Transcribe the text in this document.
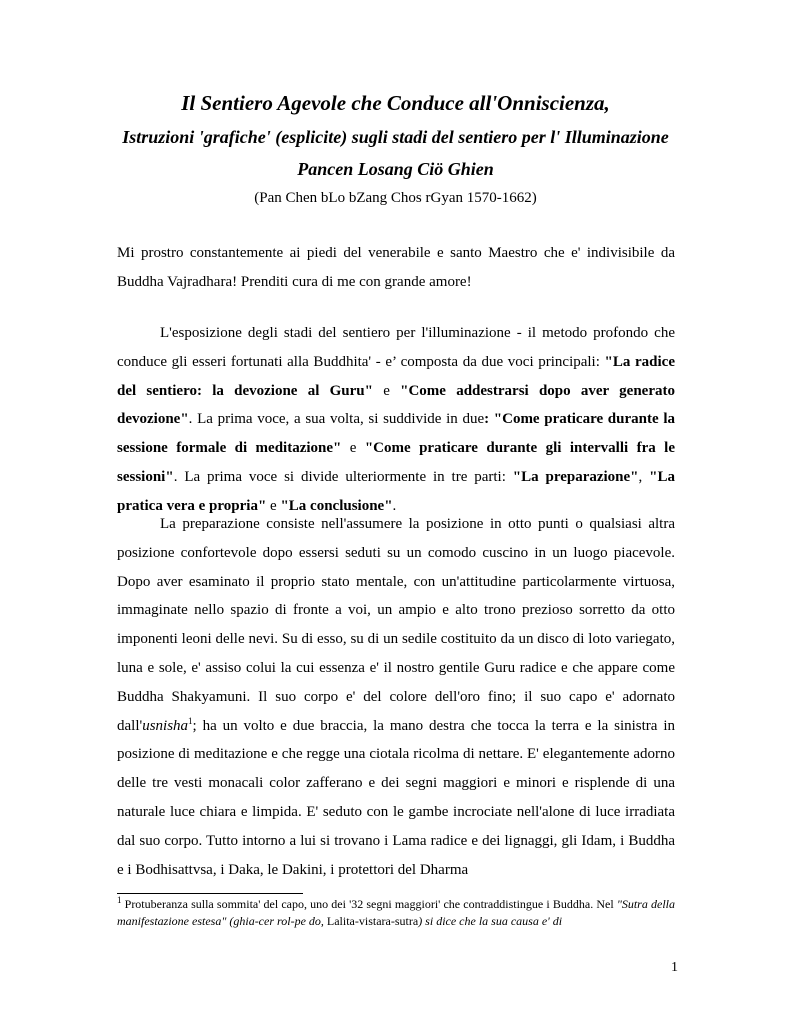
Il Sentiero Agevole che Conduce all'Onniscienza,
Istruzioni 'grafiche' (esplicite) sugli stadi del sentiero per l' Illuminazione
Pancen Losang Ciö Ghien
(Pan Chen bLo bZang Chos rGyan 1570-1662)

Mi prostro constantemente ai piedi del venerabile e santo Maestro che e' indivisibile da Buddha Vajradhara! Prenditi cura di me con grande amore!

L'esposizione degli stadi del sentiero per l'illuminazione - il metodo profondo che conduce gli esseri fortunati alla Buddhita' - e’ composta da due voci principali: "La radice del sentiero: la devozione al Guru" e "Come addestrarsi dopo aver generato devozione". La prima voce, a sua volta, si suddivide in due: "Come praticare durante la sessione formale di meditazione" e "Come praticare durante gli intervalli fra le sessioni". La prima voce si divide ulteriormente in tre parti: "La preparazione", "La pratica vera e propria" e "La conclusione".

La preparazione consiste nell'assumere la posizione in otto punti o qualsiasi altra posizione confortevole dopo essersi seduti su un comodo cuscino in un luogo piacevole. Dopo aver esaminato il proprio stato mentale, con un'attitudine particolarmente virtuosa, immaginate nello spazio di fronte a voi, un ampio e alto trono prezioso sorretto da otto imponenti leoni delle nevi. Su di esso, su di un sedile costituito da un disco di loto variegato, luna e sole, e' assiso colui la cui essenza e' il nostro gentile Guru radice e che appare come Buddha Shakyamuni. Il suo corpo e' del colore dell'oro fino; il suo capo e' adornato dall'usnisha$^1$; ha un volto e due braccia, la mano destra che tocca la terra e la sinistra in posizione di meditazione e che regge una ciotala ricolma di nettare. E' elegantemente adorno delle tre vesti monacali color zafferano e dei segni maggiori e minori e risplende di una naturale luce chiara e limpida. E' seduto con le gambe incrociate nell'alone di luce irradiata dal suo corpo. Tutto intorno a lui si trovano i Lama radice e dei lignaggi, gli Idam, i Buddha e i Bodhisattvsa, i Daka, le Dakini, i protettori del Dharma

$^1$ Protuberanza sulla sommita' del capo, uno dei '32 segni maggiori' che contraddistingue i Buddha. Nel "Sutra della manifestazione estesa" (ghia-cer rol-pe do, Lalita-vistara-sutra) si dice che la sua causa e' di

1
